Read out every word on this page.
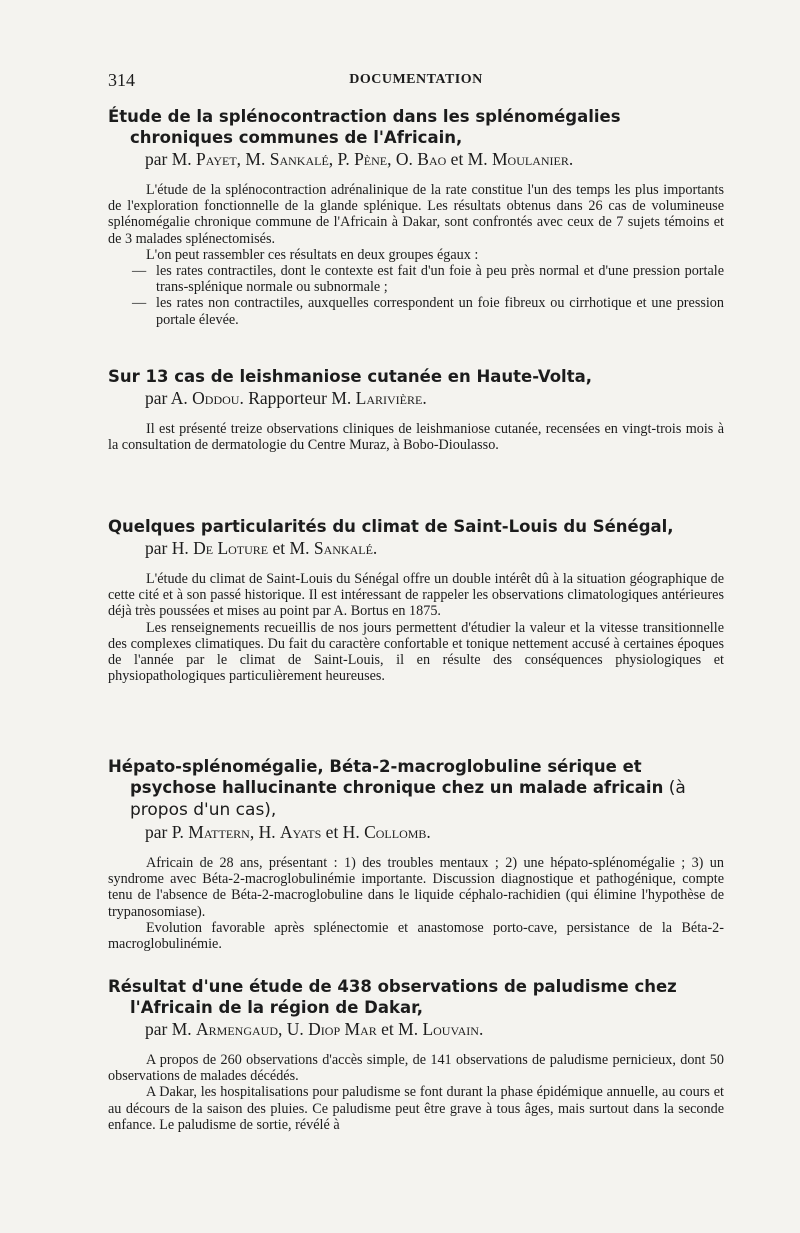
314	DOCUMENTATION

Étude de la splénocontraction dans les splénomégalies chroniques communes de l'Africain,

par M. Payet, M. Sankalé, P. Pène, O. Bao et M. Moulanier.

L'étude de la splénocontraction adrénalinique de la rate constitue l'un des temps les plus importants de l'exploration fonctionnelle de la glande splénique. Les résultats obtenus dans 26 cas de volumineuse splénomégalie chronique commune de l'Africain à Dakar, sont confrontés avec ceux de 7 sujets témoins et de 3 malades splénectomisés.

L'on peut rassembler ces résultats en deux groupes égaux :

— les rates contractiles, dont le contexte est fait d'un foie à peu près normal et d'une pression portale trans-splénique normale ou subnormale ;

— les rates non contractiles, auxquelles correspondent un foie fibreux ou cirrhotique et une pression portale élevée.

Sur 13 cas de leishmaniose cutanée en Haute-Volta,

par A. Oddou. Rapporteur M. Larivière.

Il est présenté treize observations cliniques de leishmaniose cutanée, recensées en vingt-trois mois à la consultation de dermatologie du Centre Muraz, à Bobo-Dioulasso.

Quelques particularités du climat de Saint-Louis du Sénégal,

par H. De Loture et M. Sankalé.

L'étude du climat de Saint-Louis du Sénégal offre un double intérêt dû à la situation géographique de cette cité et à son passé historique. Il est intéressant de rappeler les observations climatologiques antérieures déjà très poussées et mises au point par A. Bortus en 1875.

Les renseignements recueillis de nos jours permettent d'étudier la valeur et la vitesse transitionnelle des complexes climatiques. Du fait du caractère confortable et tonique nettement accusé à certaines époques de l'année par le climat de Saint-Louis, il en résulte des conséquences physiologiques et physiopathologiques particulièrement heureuses.

Hépato-splénomégalie, Béta-2-macroglobuline sérique et psychose hallucinante chronique chez un malade africain (à propos d'un cas),

par P. Mattern, H. Ayats et H. Collomb.

Africain de 28 ans, présentant : 1) des troubles mentaux ; 2) une hépato-splénomégalie ; 3) un syndrome avec Béta-2-macroglobulinémie importante. Discussion diagnostique et pathogénique, compte tenu de l'absence de Béta-2-macroglobuline dans le liquide céphalo-rachidien (qui élimine l'hypothèse de trypanosomiase).

Evolution favorable après splénectomie et anastomose porto-cave, persistance de la Béta-2-macroglobulinémie.

Résultat d'une étude de 438 observations de paludisme chez l'Africain de la région de Dakar,

par M. Armengaud, U. Diop Mar et M. Louvain.

A propos de 260 observations d'accès simple, de 141 observations de paludisme pernicieux, dont 50 observations de malades décédés.

A Dakar, les hospitalisations pour paludisme se font durant la phase épidémique annuelle, au cours et au décours de la saison des pluies. Ce paludisme peut être grave à tous âges, mais surtout dans la seconde enfance. Le paludisme de sortie, révélé à
